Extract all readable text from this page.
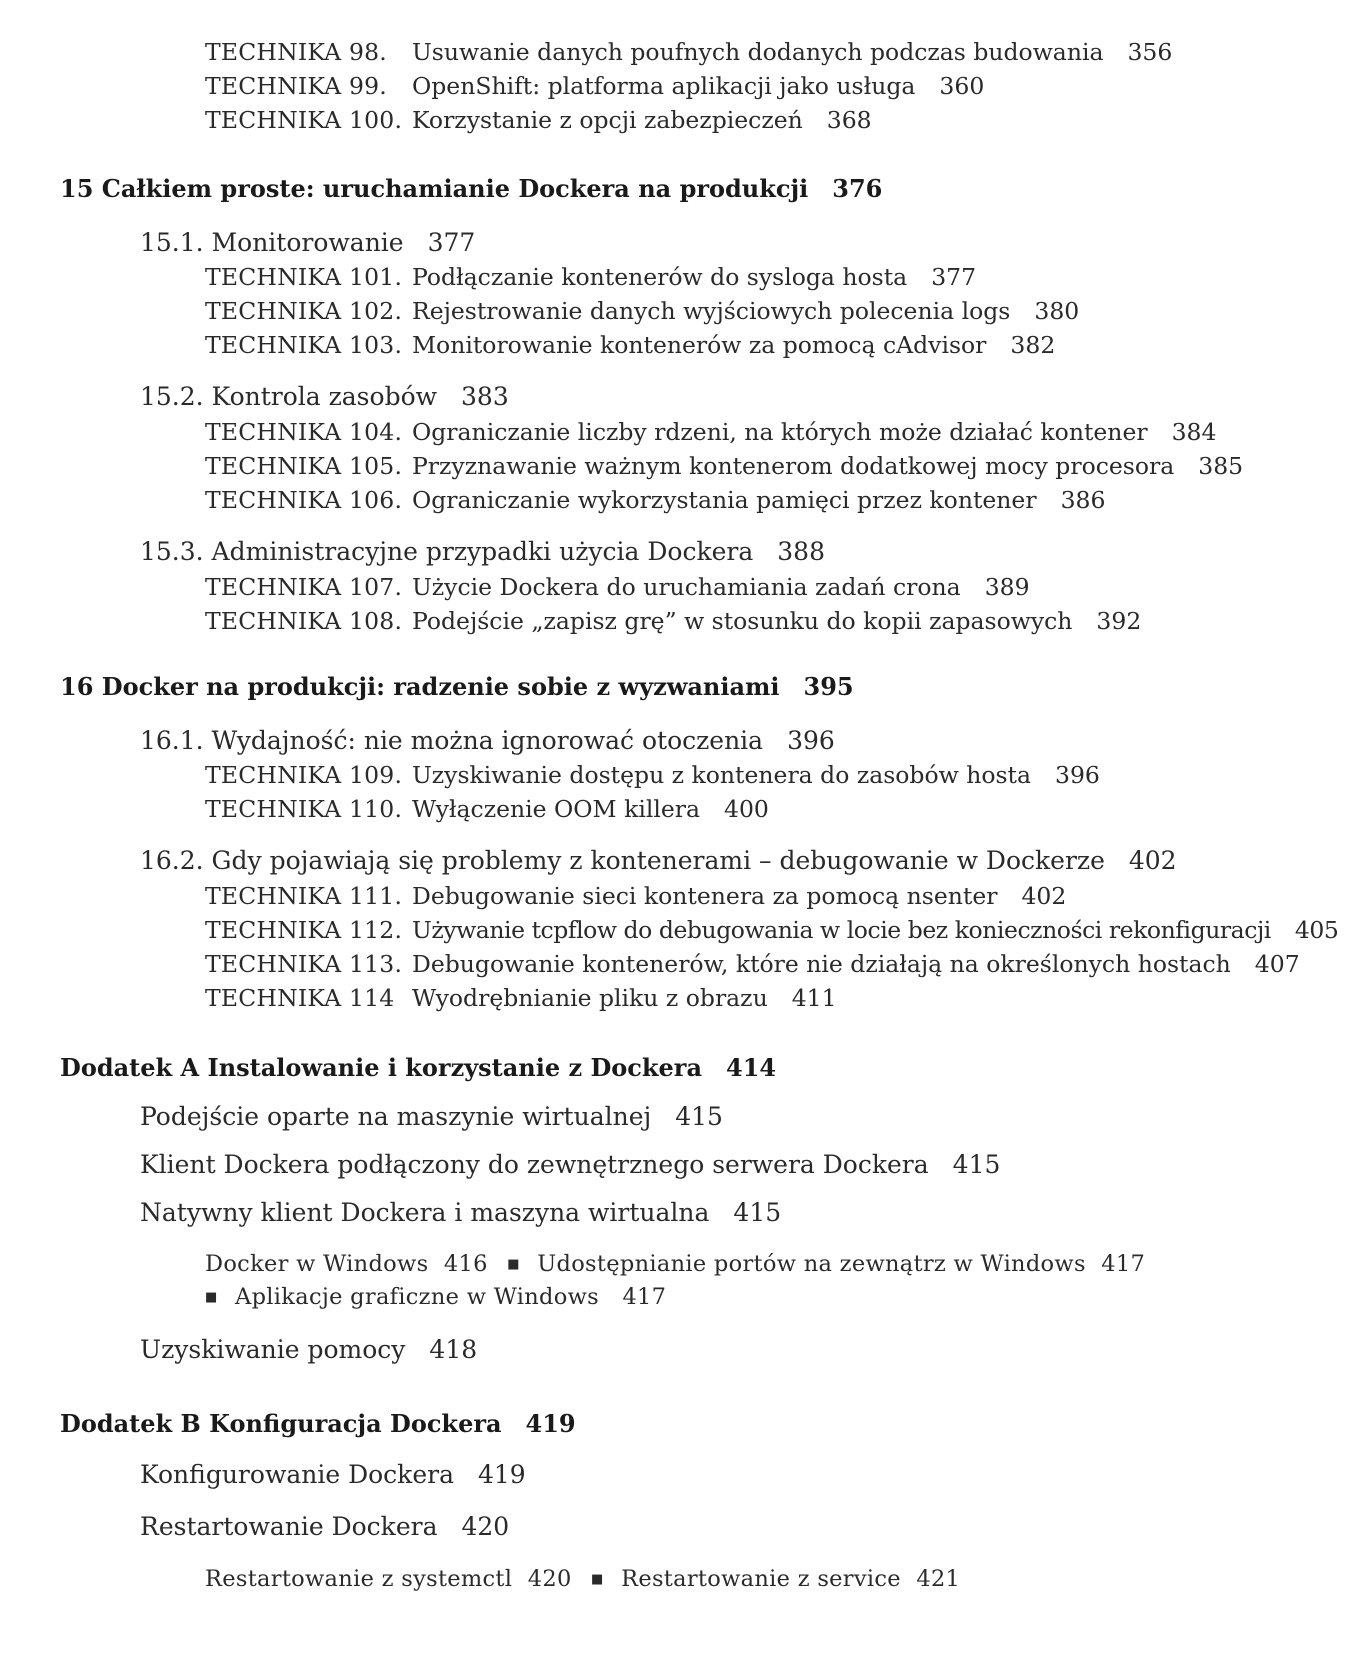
TECHNIKA 98. Usuwanie danych poufnych dodanych podczas budowania 356
TECHNIKA 99. OpenShift: platforma aplikacji jako usługa 360
TECHNIKA 100. Korzystanie z opcji zabezpieczeń 368
15 Całkiem proste: uruchamianie Dockera na produkcji 376
15.1. Monitorowanie 377
TECHNIKA 101. Podłączanie kontenerów do sysloga hosta 377
TECHNIKA 102. Rejestrowanie danych wyjściowych polecenia logs 380
TECHNIKA 103. Monitorowanie kontenerów za pomocą cAdvisor 382
15.2. Kontrola zasobów 383
TECHNIKA 104. Ograniczanie liczby rdzeni, na których może działać kontener 384
TECHNIKA 105. Przyznawanie ważnym kontenerom dodatkowej mocy procesora 385
TECHNIKA 106. Ograniczanie wykorzystania pamięci przez kontener 386
15.3. Administracyjne przypadki użycia Dockera 388
TECHNIKA 107. Użycie Dockera do uruchamiania zadań crona 389
TECHNIKA 108. Podejście „zapisz grę” w stosunku do kopii zapasowych 392
16 Docker na produkcji: radzenie sobie z wyzwaniami 395
16.1. Wydajność: nie można ignorować otoczenia 396
TECHNIKA 109. Uzyskiwanie dostępu z kontenera do zasobów hosta 396
TECHNIKA 110. Wyłączenie OOM killera 400
16.2. Gdy pojawiają się problemy z kontenerami – debugowanie w Dockerze 402
TECHNIKA 111. Debugowanie sieci kontenera za pomocą nsenter 402
TECHNIKA 112. Używanie tcpflow do debugowania w locie bez konieczności rekonfiguracji 405
TECHNIKA 113. Debugowanie kontenerów, które nie działają na określonych hostach 407
TECHNIKA 114 Wyodrębnianie pliku z obrazu 411
Dodatek A Instalowanie i korzystanie z Dockera 414
Podejście oparte na maszynie wirtualnej 415
Klient Dockera podłączony do zewnętrznego serwera Dockera 415
Natywny klient Dockera i maszyna wirtualna 415
Docker w Windows 416 ■ Udostępnianie portów na zewnątrz w Windows 417
■ Aplikacje graficzne w Windows 417
Uzyskiwanie pomocy 418
Dodatek B Konfiguracja Dockera 419
Konfigurowanie Dockera 419
Restartowanie Dockera 420
Restartowanie z systemctl 420 ■ Restartowanie z service 421
